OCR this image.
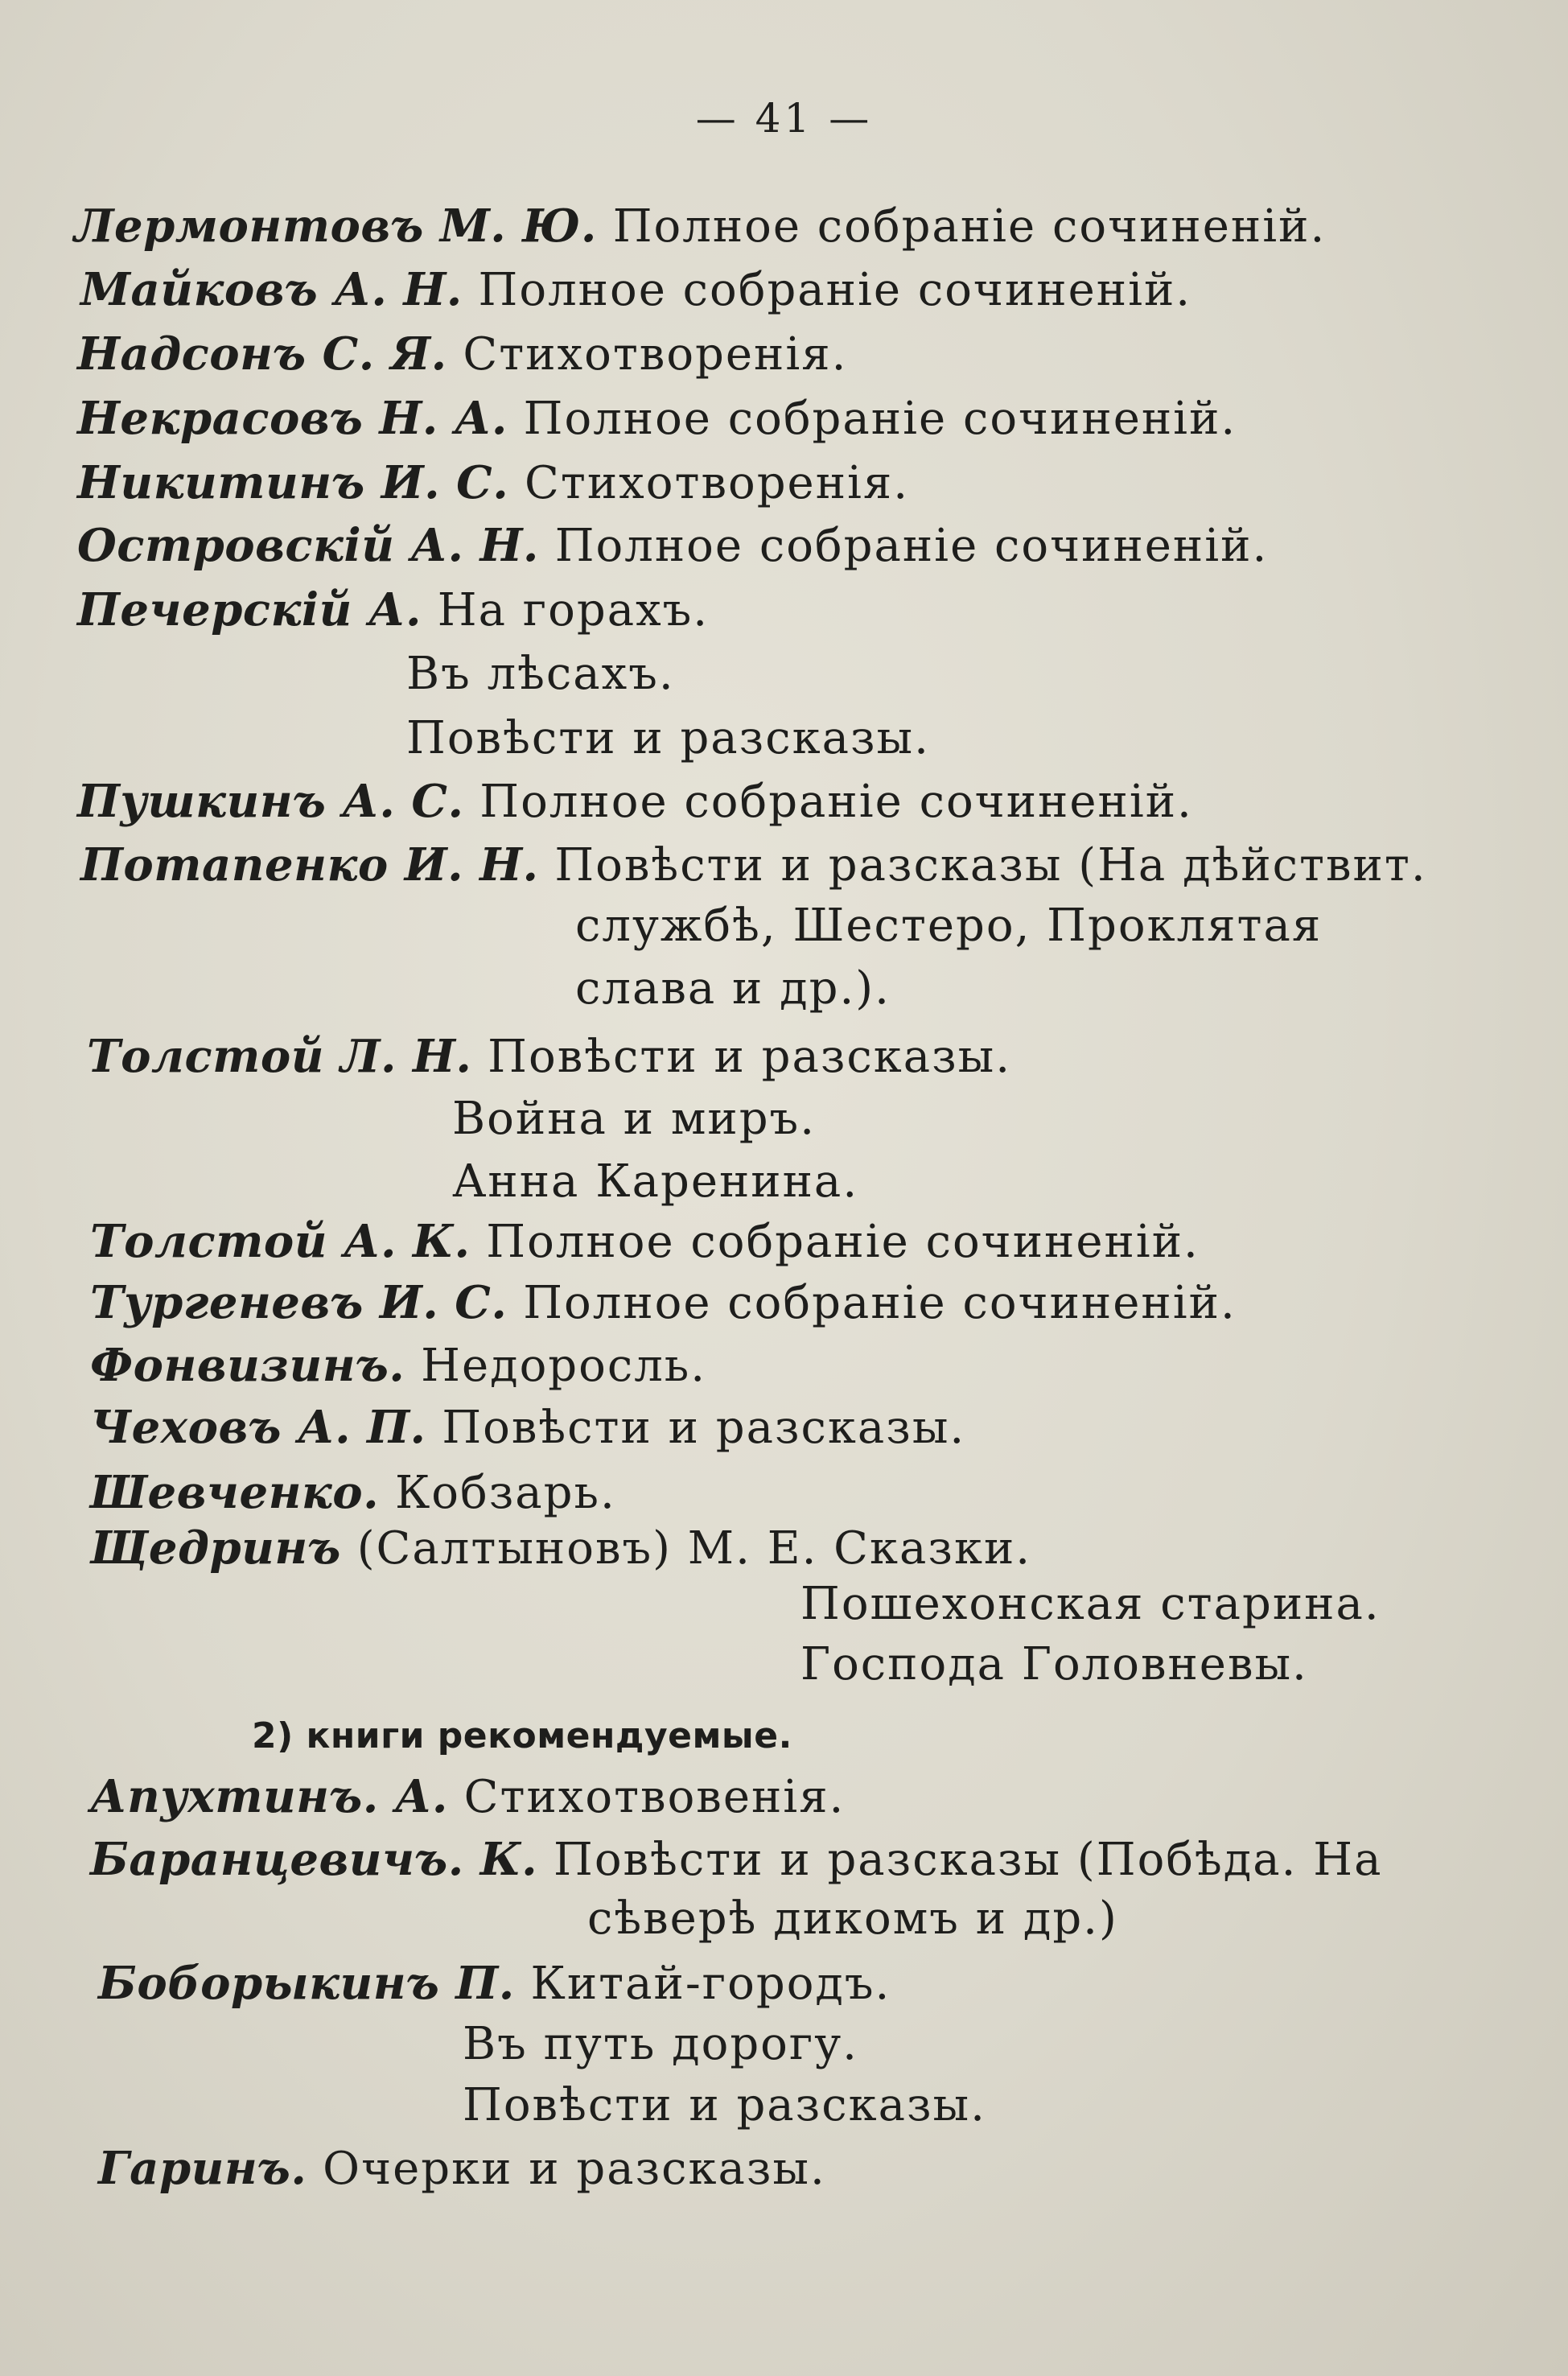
— 41 —
Лермонтовъ М. Ю. Полное собраніе сочиненій.
Майковъ А. Н. Полное собраніе сочиненій.
Надсонъ С. Я. Стихотворенія.
Некрасовъ Н. А. Полное собраніе сочиненій.
Никитинъ И. С. Стихотворенія.
Островскій А. Н. Полное собраніе сочиненій.
Печерскій А. На горахъ.
Въ лѣсахъ.
Повѣсти и разсказы.
Пушкинъ А. С. Полное собраніе сочиненій.
Потапенко И. Н. Повѣсти и разсказы (На дѣйствит.
службѣ, Шестеро, Проклятая
слава и др.).
Толстой Л. Н. Повѣсти и разсказы.
Война и миръ.
Анна Каренина.
Толстой А. К. Полное собраніе сочиненій.
Тургеневъ И. С. Полное собраніе сочиненій.
Фонвизинъ. Недоросль.
Чеховъ А. П. Повѣсти и разсказы.
Шевченко. Кобзарь.
Щедринъ (Салтыновъ) М. Е. Сказки.
Пошехонская старина.
Господа Головневы.
2) книги рекомендуемые.
Апухтинъ. А. Стихотвовенія.
Баранцевичъ. К. Повѣсти и разсказы (Побѣда. На
сѣверѣ дикомъ и др.)
Боборыкинъ П. Китай-городъ.
Въ путь дорогу.
Повѣсти и разсказы.
Гаринъ. Очерки и разсказы.
